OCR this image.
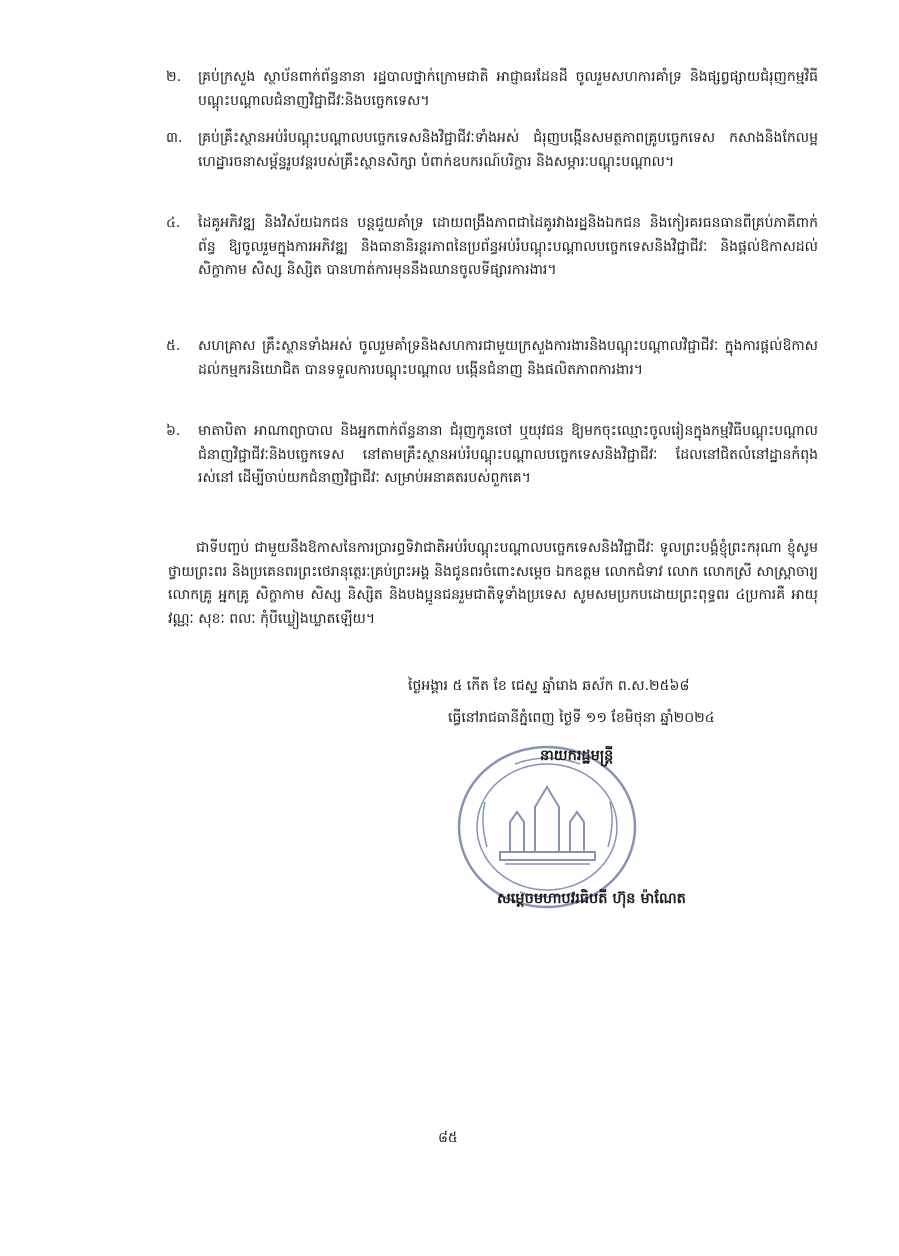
២.	គ្រប់ក្រសួង ស្ថាប័នពាក់ព័ន្ធនានា រដ្ឋបាលថ្នាក់ក្រោមជាតិ អាជ្ញាធរដែនដី ចូលរួមសហការគាំទ្រ និងផ្សព្វផ្សាយជំរុញកម្មវិធីបណ្តុះបណ្តាលជំនាញវិជ្ជាជីវៈនិងបច្ចេកទេស។
៣.	គ្រប់គ្រឹះស្ថានអប់រំបណ្តុះបណ្តាលបច្ចេកទេសនិងវិជ្ជាជីវៈទាំងអស់ ជំរុញបង្កើនសមត្ថភាពគ្រូបច្ចេកទេស កសាងនិងកែលម្អហេដ្ឋារចនាសម្ព័ន្ធរូបវន្តរបស់គ្រឹះស្ថានសិក្សា បំពាក់ឧបករណ៍បរិក្ខារ និងសម្ភារៈបណ្តុះបណ្តាល។
៤.	ដៃគូអភិវឌ្ឍ និងវិស័យឯកជន បន្តជួយគាំទ្រ ដោយពង្រឹងភាពជាដៃគូរវាងរដ្ឋនិងឯកជន និងកៀរគរធនធានពីគ្រប់ភាគីពាក់ព័ន្ធ ឱ្យចូលរួមក្នុងការអភិវឌ្ឍ និងធានានិរន្តរភាពនៃប្រព័ន្ធអប់រំបណ្តុះបណ្តាលបច្ចេកទេសនិងវិជ្ជាជីវៈ និងផ្តល់ឱកាសដល់សិក្ខាកាម សិស្ស និស្សិត បានហាត់ការមុននឹងឈានចូលទីផ្សារការងារ។
៥.	សហគ្រាស គ្រឹះស្ថានទាំងអស់ ចូលរួមគាំទ្រនិងសហការជាមួយក្រសួងការងារនិងបណ្តុះបណ្តាលវិជ្ជាជីវៈ ក្នុងការផ្តល់ឱកាសដល់កម្មករនិយោជិត បានទទួលការបណ្តុះបណ្តាល បង្កើនជំនាញ និងផលិតភាពការងារ។
៦.	មាតាបិតា អាណាព្យាបាល និងអ្នកពាក់ព័ន្ធនានា ជំរុញកូនចៅ ឬយុវជន ឱ្យមកចុះឈ្មោះចូលរៀនក្នុងកម្មវិធីបណ្តុះបណ្តាលជំនាញវិជ្ជាជីវៈនិងបច្ចេកទេស នៅតាមគ្រឹះស្ថានអប់រំបណ្តុះបណ្តាលបច្ចេកទេសនិងវិជ្ជាជីវៈ ដែលនៅជិតលំនៅដ្ឋានកំពុងរស់នៅ ដើម្បីចាប់យកជំនាញវិជ្ជាជីវៈ សម្រាប់អនាគតរបស់ពួកគេ។
ជាទីបញ្ចប់ ជាមួយនឹងឱកាសនៃការប្រារព្ធទិវាជាតិអប់រំបណ្តុះបណ្តាលបច្ចេកទេសនិងវិជ្ជាជីវៈ ទូលព្រះបង្គំខ្ញុំព្រះករុណា ខ្ញុំសូមថ្វាយព្រះពរ និងប្រគេនពរព្រះថេរានុត្ថេរៈគ្រប់ព្រះអង្គ និងជូនពរចំពោះសម្តេច ឯកឧត្តម លោកជំទាវ លោក លោកស្រី សាស្ត្រាចារ្យ លោកគ្រូ អ្នកគ្រូ សិក្ខាកាម សិស្ស និស្សិត និងបងប្អូនជនរួមជាតិទូទាំងប្រទេស សូមសមប្រកបដោយព្រះពុទ្ធពរ ៤ប្រការគឺ អាយុ វណ្ណៈ សុខៈ ពលៈ កុំបីឃ្លៀងឃ្លាតឡើយ។
ថ្ងៃអង្គារ ៥ កើត ខែ ជេស្ឋ ឆ្នាំរោង ឆស័ក ព.ស.២៥៦៨
ធ្វើនៅរាជធានីភ្នំពេញ ថ្ងៃទី ១១ ខែមិថុនា ឆ្នាំ២០២៤
នាយករដ្ឋមន្ត្រី
សម្តេចមហាបវរធិបតី ហ៊ុន ម៉ាណែត
៨៥
